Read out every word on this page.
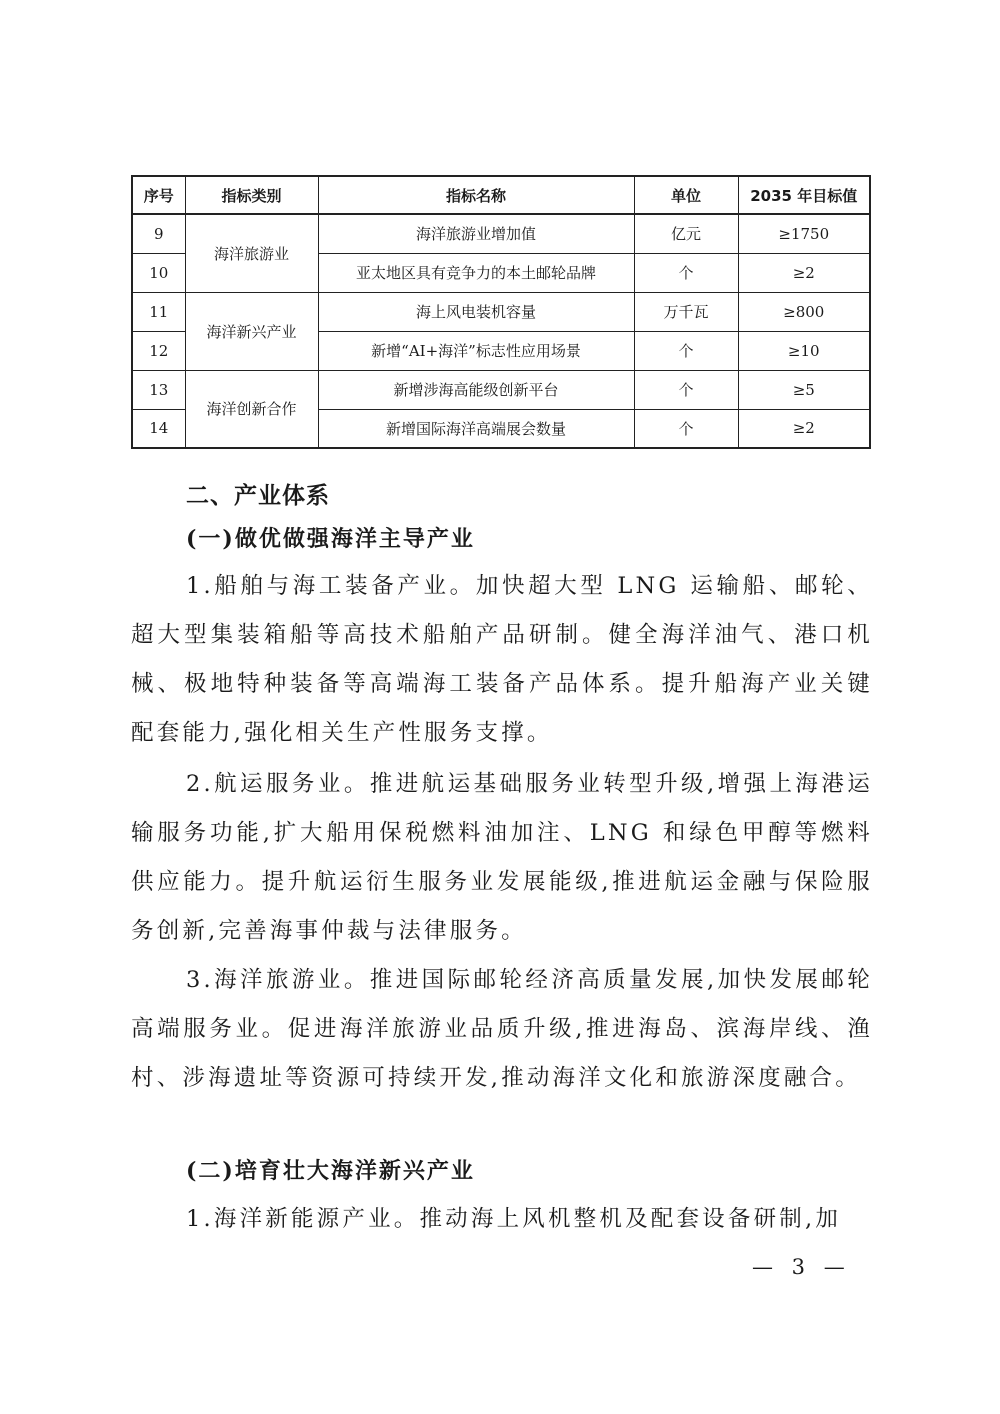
序号	指标类别	指标名称	单位	2035 年目标值
9	海洋旅游业	海洋旅游业增加值	亿元	≥1750
10		亚太地区具有竞争力的本土邮轮品牌	个	≥2
11	海洋新兴产业	海上风电装机容量	万千瓦	≥800
12		新增“AI+海洋”标志性应用场景	个	≥10
13	海洋创新合作	新增涉海高能级创新平台	个	≥5
14		新增国际海洋高端展会数量	个	≥2
二、产业体系
(一)做优做强海洋主导产业
1.船舶与海工装备产业。加快超大型 LNG 运输船、邮轮、超大型集装箱船等高技术船舶产品研制。健全海洋油气、港口机械、极地特种装备等高端海工装备产品体系。提升船海产业关键配套能力,强化相关生产性服务支撑。
2.航运服务业。推进航运基础服务业转型升级,增强上海港运输服务功能,扩大船用保税燃料油加注、LNG 和绿色甲醇等燃料供应能力。提升航运衍生服务业发展能级,推进航运金融与保险服务创新,完善海事仲裁与法律服务。
3.海洋旅游业。推进国际邮轮经济高质量发展,加快发展邮轮高端服务业。促进海洋旅游业品质升级,推进海岛、滨海岸线、渔村、涉海遗址等资源可持续开发,推动海洋文化和旅游深度融合。
(二)培育壮大海洋新兴产业
1.海洋新能源产业。推动海上风机整机及配套设备研制,加
— 3 —
